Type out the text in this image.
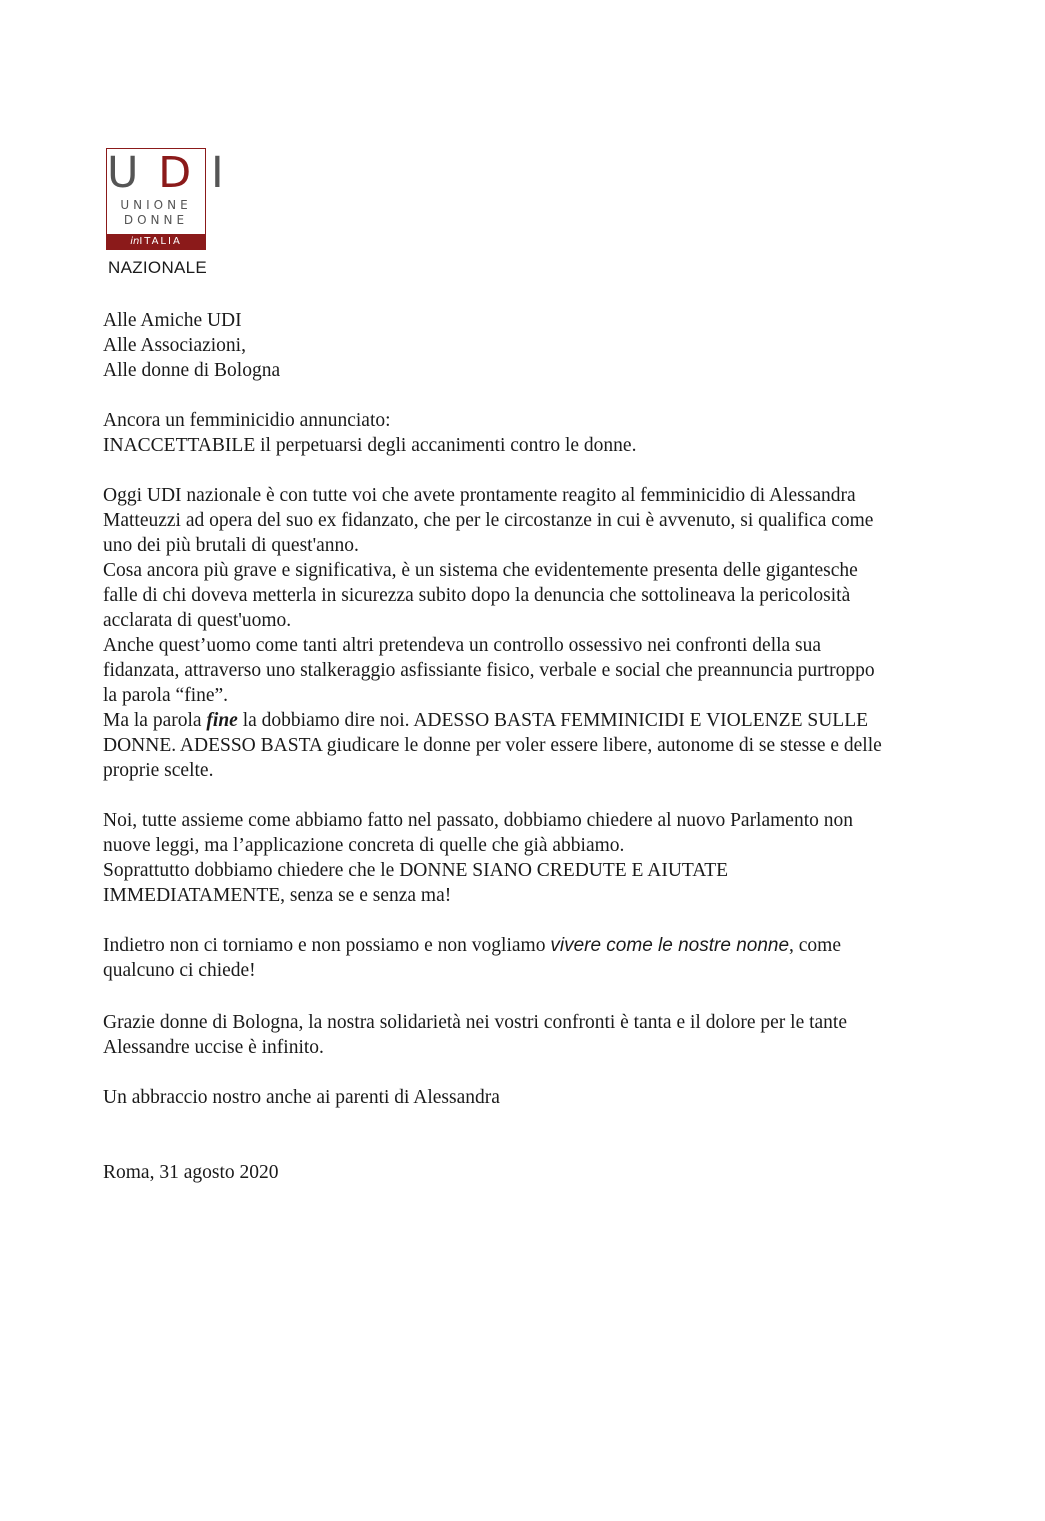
U D I
UNIONE
DONNE
inITALIA
NAZIONALE

Alle Amiche UDI

Alle Associazioni,

Alle donne di Bologna

Ancora un femminicidio annunciato:

INACCETTABILE il perpetuarsi degli accanimenti contro le donne.

Oggi UDI nazionale è con tutte voi che avete prontamente reagito al femminicidio di Alessandra

Matteuzzi ad opera del suo ex fidanzato, che per le circostanze in cui è avvenuto, si qualifica come

uno dei più brutali di quest'anno.

Cosa ancora più grave e significativa, è un sistema che evidentemente presenta delle gigantesche

falle di chi doveva metterla in sicurezza subito dopo la denuncia che sottolineava la pericolosità

acclarata di quest'uomo.

Anche quest’uomo come tanti altri pretendeva un controllo ossessivo nei confronti della sua

fidanzata, attraverso uno stalkeraggio asfissiante fisico, verbale e social che preannuncia purtroppo

la parola “fine”.

Ma la parola fine la dobbiamo dire noi. ADESSO BASTA FEMMINICIDI E VIOLENZE SULLE

DONNE. ADESSO BASTA giudicare le donne per voler essere libere, autonome di se stesse e delle

proprie scelte.

Noi, tutte assieme come abbiamo fatto nel passato, dobbiamo chiedere al nuovo Parlamento non

nuove leggi, ma l’applicazione concreta di quelle che già abbiamo.

Soprattutto dobbiamo chiedere che le DONNE SIANO CREDUTE E AIUTATE

IMMEDIATAMENTE, senza se e senza ma!

Indietro non ci torniamo e non possiamo e non vogliamo vivere come le nostre nonne, come

qualcuno ci chiede!

Grazie donne di Bologna, la nostra solidarietà nei vostri confronti è tanta e il dolore per le tante

Alessandre uccise è infinito.

Un abbraccio nostro anche ai parenti di Alessandra

Roma, 31 agosto 2020
